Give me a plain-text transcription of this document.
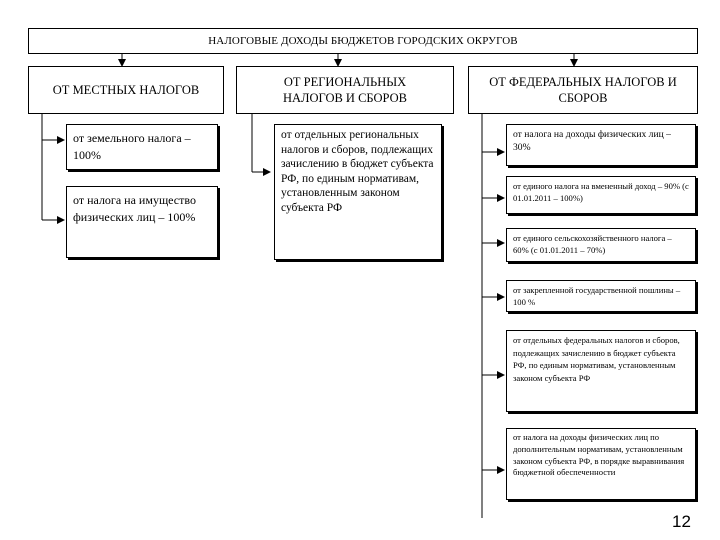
НАЛОГОВЫЕ ДОХОДЫ БЮДЖЕТОВ ГОРОДСКИХ ОКРУГОВ
ОТ МЕСТНЫХ НАЛОГОВ
ОТ РЕГИОНАЛЬНЫХ НАЛОГОВ И СБОРОВ
ОТ ФЕДЕРАЛЬНЫХ НАЛОГОВ И СБОРОВ
от земельного налога – 100%
от налога на имущество физических лиц – 100%
от отдельных региональных налогов и сборов, подлежащих зачислению в бюджет субъекта РФ, по единым нормативам, установленным законом субъекта РФ
от налога на доходы физических лиц – 30%
от единого налога на вмененный доход – 90% (с 01.01.2011 – 100%)
от единого сельскохозяйственного налога – 60% (с 01.01.2011 – 70%)
от закрепленной государственной пошлины – 100 %
от отдельных федеральных налогов и сборов, подлежащих зачислению в бюджет субъекта РФ, по единым нормативам, установленным законом субъекта РФ
от налога на доходы физических лиц по дополнительным нормативам, установленным законом субъекта РФ, в порядке выравнивания бюджетной обеспеченности
12
